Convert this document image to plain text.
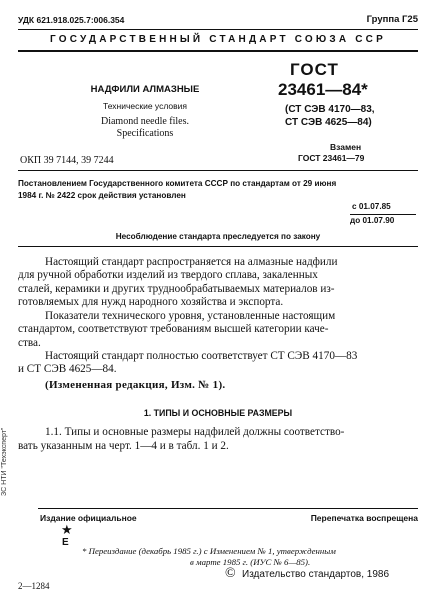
УДК 621.918.025.7:006.354	Группа Г25
ГОСУДАРСТВЕННЫЙ СТАНДАРТ СОЮЗА ССР
НАДФИЛИ АЛМАЗНЫЕ
Технические условия
Diamond needle files.
Specifications
ОКП 39 7144, 39 7244
ГОСТ
23461—84*
(СТ СЭВ 4170—83,
СТ СЭВ 4625—84)
Взамен
ГОСТ 23461—79
Постановлением Государственного комитета СССР по стандартам от 29 июня
1984 г. № 2422 срок действия установлен
с 01.07.85
до 01.07.90
Несоблюдение стандарта преследуется по закону
Настоящий стандарт распространяется на алмазные надфили
для ручной обработки изделий из твердого сплава, закаленных
сталей, керамики и других труднообрабатываемых материалов из-
готовляемых для нужд народного хозяйства и экспорта.
Показатели технического уровня, установленные настоящим
стандартом, соответствуют требованиям высшей категории каче-
ства.
Настоящий стандарт полностью соответствует СТ СЭВ 4170—83
и СТ СЭВ 4625—84.
(Измененная редакция, Изм. № 1).
1. ТИПЫ И ОСНОВНЫЕ РАЗМЕРЫ
1.1. Типы и основные размеры надфилей должны соответство-
вать указанным на черт. 1—4 и в табл. 1 и 2.
ЗС НТИ "Техэксперт"
Издание официальное	Перепечатка воспрещена
★
E
* Переиздание (декабрь 1985 г.) с Изменением № 1, утвержденным
в марте 1985 г. (ИУС № 6—85).
© Издательство стандартов, 1986
2—1284
